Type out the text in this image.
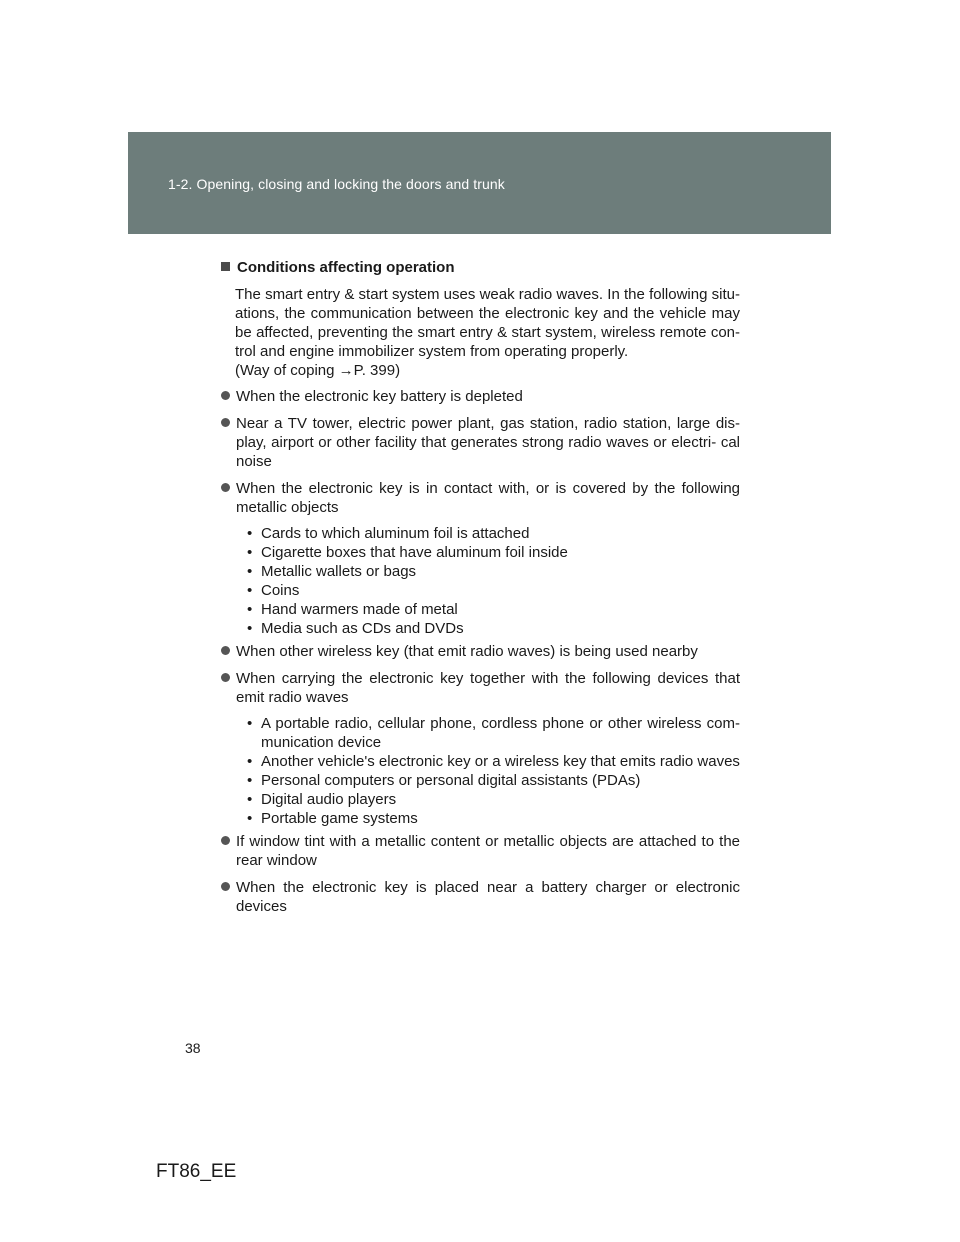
1-2. Opening, closing and locking the doors and trunk
Conditions affecting operation
The smart entry & start system uses weak radio waves. In the following situ- ations, the communication between the electronic key and the vehicle may be affected, preventing the smart entry & start system, wireless remote con- trol and engine immobilizer system from operating properly.
(Way of coping →P. 399)
When the electronic key battery is depleted
Near a TV tower, electric power plant, gas station, radio station, large dis- play, airport or other facility that generates strong radio waves or electri- cal noise
When the electronic key is in contact with, or is covered by the following metallic objects
• Cards to which aluminum foil is attached
• Cigarette boxes that have aluminum foil inside
• Metallic wallets or bags
• Coins
• Hand warmers made of metal
• Media such as CDs and DVDs
When other wireless key (that emit radio waves) is being used nearby
When carrying the electronic key together with the following devices that emit radio waves
• A portable radio, cellular phone, cordless phone or other wireless com- munication device
• Another vehicle's electronic key or a wireless key that emits radio waves
• Personal computers or personal digital assistants (PDAs)
• Digital audio players
• Portable game systems
If window tint with a metallic content or metallic objects are attached to the rear window
When the electronic key is placed near a battery charger or electronic devices
38
FT86_EE
